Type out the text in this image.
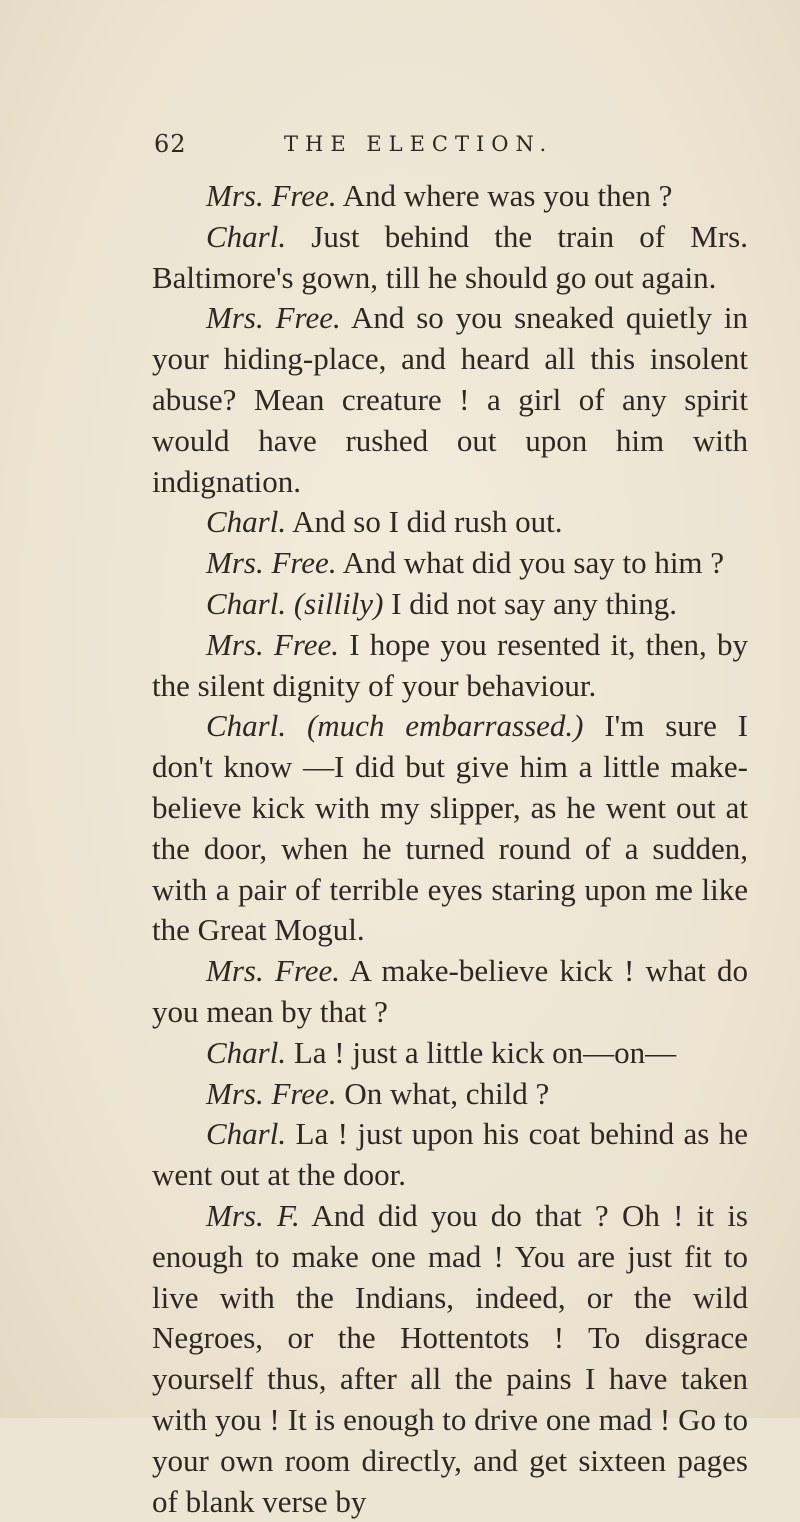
62	THE ELECTION.

Mrs. Free. And where was you then ?

Charl. Just behind the train of Mrs. Baltimore's gown, till he should go out again.

Mrs. Free. And so you sneaked quietly in your hiding-place, and heard all this insolent abuse? Mean creature ! a girl of any spirit would have rushed out upon him with indignation.

Charl. And so I did rush out.

Mrs. Free. And what did you say to him ?

Charl. (sillily) I did not say any thing.

Mrs. Free. I hope you resented it, then, by the silent dignity of your behaviour.

Charl. (much embarrassed.) I'm sure I don't know —I did but give him a little make-believe kick with my slipper, as he went out at the door, when he turned round of a sudden, with a pair of terrible eyes staring upon me like the Great Mogul.

Mrs. Free. A make-believe kick ! what do you mean by that ?

Charl. La ! just a little kick on—on—

Mrs. Free. On what, child ?

Charl. La ! just upon his coat behind as he went out at the door.

Mrs. F. And did you do that ? Oh ! it is enough to make one mad ! You are just fit to live with the Indians, indeed, or the wild Negroes, or the Hottentots ! To disgrace yourself thus, after all the pains I have taken with you ! It is enough to drive one mad ! Go to your own room directly, and get sixteen pages of blank verse by
